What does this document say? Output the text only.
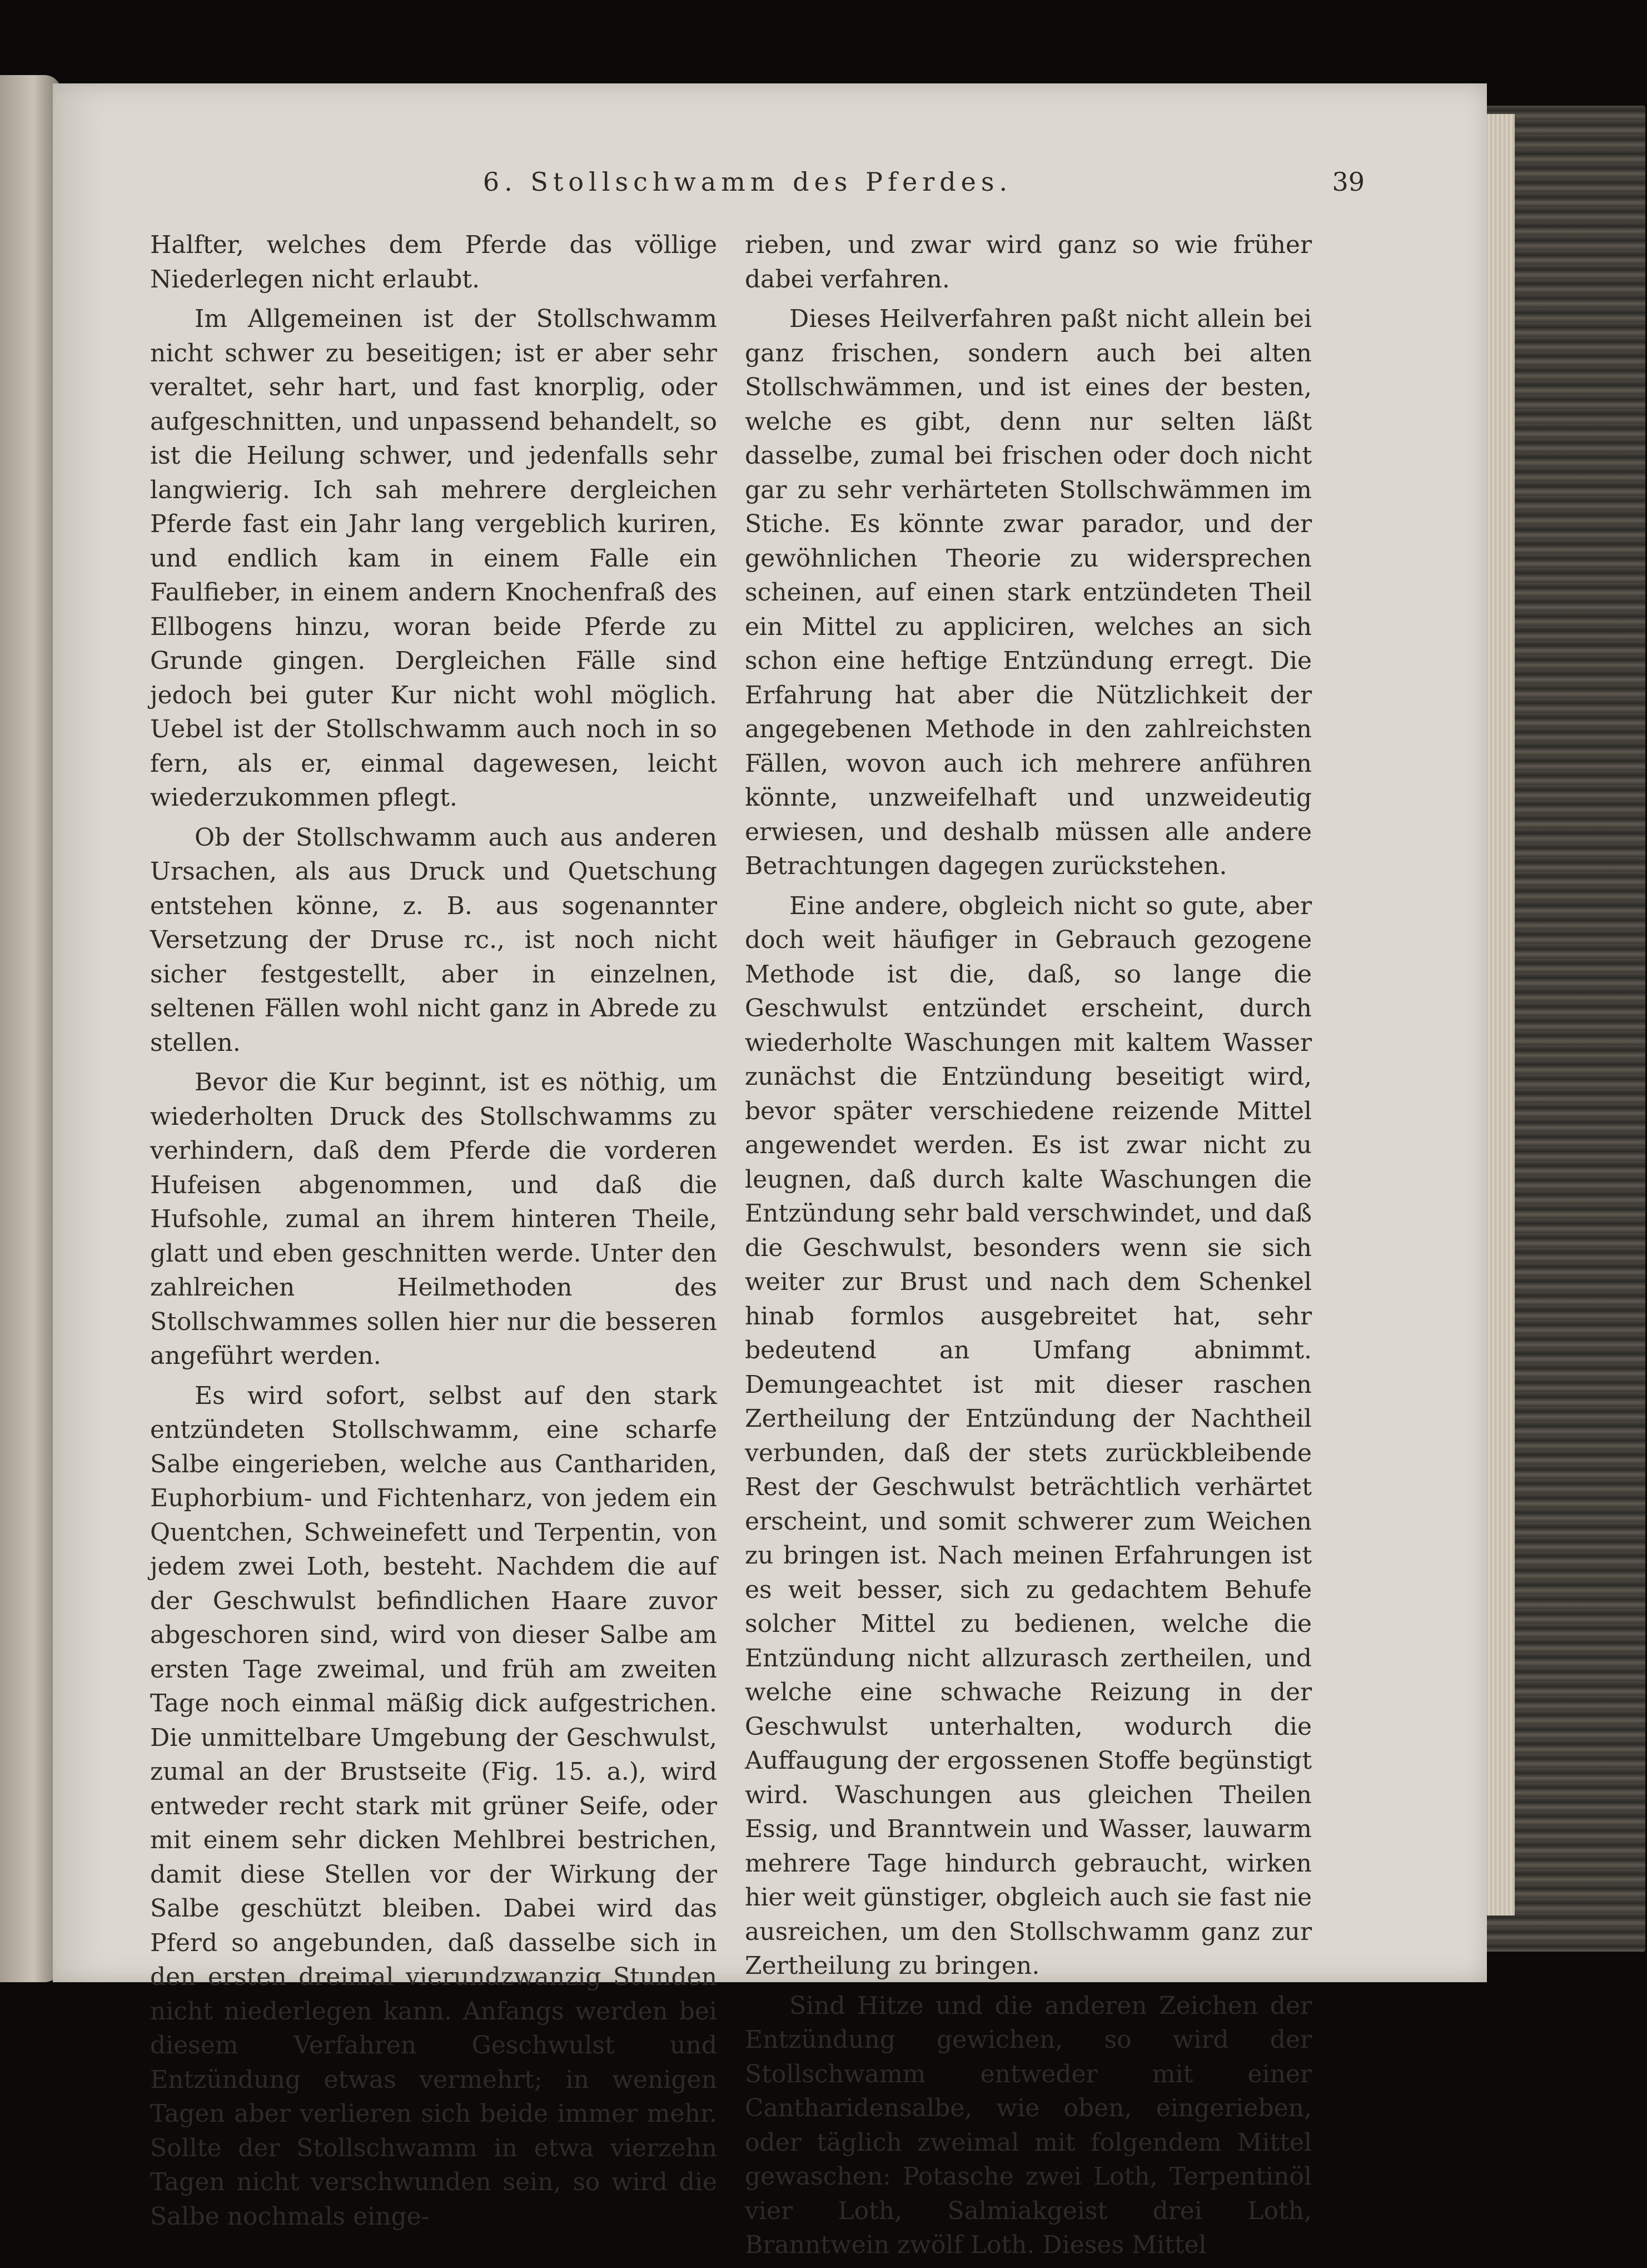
6. Stollschwamm des Pferdes.	39

Halfter, welches dem Pferde das völlige Niederlegen nicht erlaubt.

Im Allgemeinen ist der Stollschwamm nicht schwer zu beseitigen; ist er aber sehr veraltet, sehr hart, und fast knorplig, oder aufgeschnitten, und unpassend behandelt, so ist die Heilung schwer, und jedenfalls sehr langwierig. Ich sah mehrere dergleichen Pferde fast ein Jahr lang vergeblich kuriren, und endlich kam in einem Falle ein Faulfieber, in einem andern Knochenfraß des Ellbogens hinzu, woran beide Pferde zu Grunde gingen. Dergleichen Fälle sind jedoch bei guter Kur nicht wohl möglich. Uebel ist der Stollschwamm auch noch in so fern, als er, einmal dagewesen, leicht wiederzukommen pflegt.

Ob der Stollschwamm auch aus anderen Ursachen, als aus Druck und Quetschung entstehen könne, z. B. aus sogenannter Versetzung der Druse rc., ist noch nicht sicher festgestellt, aber in einzelnen, seltenen Fällen wohl nicht ganz in Abrede zu stellen.

Bevor die Kur beginnt, ist es nöthig, um wiederholten Druck des Stollschwamms zu verhindern, daß dem Pferde die vorderen Hufeisen abgenommen, und daß die Hufsohle, zumal an ihrem hinteren Theile, glatt und eben geschnitten werde. Unter den zahlreichen Heilmethoden des Stollschwammes sollen hier nur die besseren angeführt werden.

Es wird sofort, selbst auf den stark entzündeten Stollschwamm, eine scharfe Salbe eingerieben, welche aus Canthariden, Euphorbium- und Fichtenharz, von jedem ein Quentchen, Schweinefett und Terpentin, von jedem zwei Loth, besteht. Nachdem die auf der Geschwulst befindlichen Haare zuvor abgeschoren sind, wird von dieser Salbe am ersten Tage zweimal, und früh am zweiten Tage noch einmal mäßig dick aufgestrichen. Die unmittelbare Umgebung der Geschwulst, zumal an der Brustseite (Fig. 15. a.), wird entweder recht stark mit grüner Seife, oder mit einem sehr dicken Mehlbrei bestrichen, damit diese Stellen vor der Wirkung der Salbe geschützt bleiben. Dabei wird das Pferd so angebunden, daß dasselbe sich in den ersten dreimal vierundzwanzig Stunden nicht niederlegen kann. Anfangs werden bei diesem Verfahren Geschwulst und Entzündung etwas vermehrt; in wenigen Tagen aber verlieren sich beide immer mehr. Sollte der Stollschwamm in etwa vierzehn Tagen nicht verschwunden sein, so wird die Salbe nochmals einge-

rieben, und zwar wird ganz so wie früher dabei verfahren.

Dieses Heilverfahren paßt nicht allein bei ganz frischen, sondern auch bei alten Stollschwämmen, und ist eines der besten, welche es gibt, denn nur selten läßt dasselbe, zumal bei frischen oder doch nicht gar zu sehr verhärteten Stollschwämmen im Stiche. Es könnte zwar parador, und der gewöhnlichen Theorie zu widersprechen scheinen, auf einen stark entzündeten Theil ein Mittel zu appliciren, welches an sich schon eine heftige Entzündung erregt. Die Erfahrung hat aber die Nützlichkeit der angegebenen Methode in den zahlreichsten Fällen, wovon auch ich mehrere anführen könnte, unzweifelhaft und unzweideutig erwiesen, und deshalb müssen alle andere Betrachtungen dagegen zurückstehen.

Eine andere, obgleich nicht so gute, aber doch weit häufiger in Gebrauch gezogene Methode ist die, daß, so lange die Geschwulst entzündet erscheint, durch wiederholte Waschungen mit kaltem Wasser zunächst die Entzündung beseitigt wird, bevor später verschiedene reizende Mittel angewendet werden. Es ist zwar nicht zu leugnen, daß durch kalte Waschungen die Entzündung sehr bald verschwindet, und daß die Geschwulst, besonders wenn sie sich weiter zur Brust und nach dem Schenkel hinab formlos ausgebreitet hat, sehr bedeutend an Umfang abnimmt. Demungeachtet ist mit dieser raschen Zertheilung der Entzündung der Nachtheil verbunden, daß der stets zurückbleibende Rest der Geschwulst beträchtlich verhärtet erscheint, und somit schwerer zum Weichen zu bringen ist. Nach meinen Erfahrungen ist es weit besser, sich zu gedachtem Behufe solcher Mittel zu bedienen, welche die Entzündung nicht allzurasch zertheilen, und welche eine schwache Reizung in der Geschwulst unterhalten, wodurch die Auffaugung der ergossenen Stoffe begünstigt wird. Waschungen aus gleichen Theilen Essig, und Branntwein und Wasser, lauwarm mehrere Tage hindurch gebraucht, wirken hier weit günstiger, obgleich auch sie fast nie ausreichen, um den Stollschwamm ganz zur Zertheilung zu bringen.

Sind Hitze und die anderen Zeichen der Entzündung gewichen, so wird der Stollschwamm entweder mit einer Cantharidensalbe, wie oben, eingerieben, oder täglich zweimal mit folgendem Mittel gewaschen: Potasche zwei Loth, Terpentinöl vier Loth, Salmiakgeist drei Loth, Branntwein zwölf Loth. Dieses Mittel
